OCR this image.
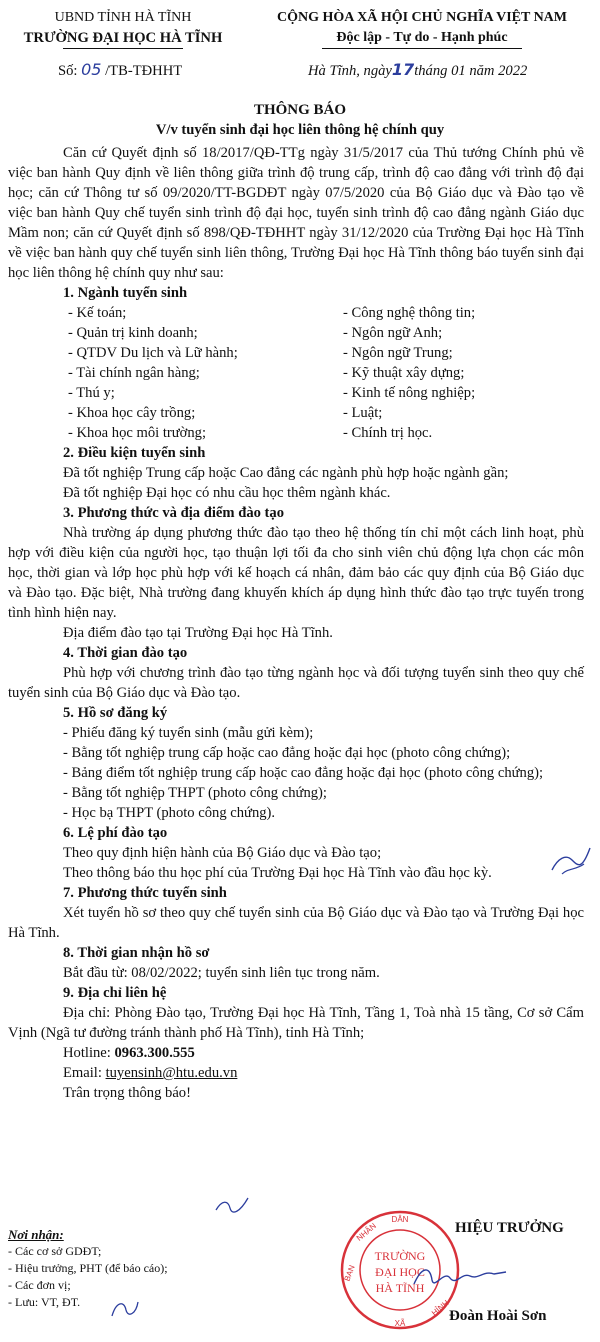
UBND TỈNH HÀ TĨNH
TRƯỜNG ĐẠI HỌC HÀ TĨNH
CỘNG HÒA XÃ HỘI CHỦ NGHĨA VIỆT NAM
Độc lập - Tự do - Hạnh phúc
Số: 05 /TB-TĐHHT	Hà Tĩnh, ngày17tháng 01 năm 2022
THÔNG BÁO
V/v tuyển sinh đại học liên thông hệ chính quy
Căn cứ Quyết định số 18/2017/QĐ-TTg ngày 31/5/2017 của Thủ tướng Chính phủ về việc ban hành Quy định về liên thông giữa trình độ trung cấp, trình độ cao đẳng với trình độ đại học; căn cứ Thông tư số 09/2020/TT-BGDĐT ngày 07/5/2020 của Bộ Giáo dục và Đào tạo về việc ban hành Quy chế tuyển sinh trình độ đại học, tuyển sinh trình độ cao đẳng ngành Giáo dục Mầm non; căn cứ Quyết định số 898/QĐ-TĐHHT ngày 31/12/2020 của Trường Đại học Hà Tĩnh về việc ban hành quy chế tuyển sinh liên thông, Trường Đại học Hà Tĩnh thông báo tuyển sinh đại học liên thông hệ chính quy như sau:
1. Ngành tuyển sinh
- Kế toán;
- Quản trị kinh doanh;
- QTDV Du lịch và Lữ hành;
- Tài chính ngân hàng;
- Thú y;
- Khoa học cây trồng;
- Khoa học môi trường;
- Công nghệ thông tin;
- Ngôn ngữ Anh;
- Ngôn ngữ Trung;
- Kỹ thuật xây dựng;
- Kinh tế nông nghiệp;
- Luật;
- Chính trị học.
2. Điều kiện tuyển sinh
Đã tốt nghiệp Trung cấp hoặc Cao đẳng các ngành phù hợp hoặc ngành gần;
Đã tốt nghiệp Đại học có nhu cầu học thêm ngành khác.
3. Phương thức và địa điểm đào tạo
Nhà trường áp dụng phương thức đào tạo theo hệ thống tín chỉ một cách linh hoạt, phù hợp với điều kiện của người học, tạo thuận lợi tối đa cho sinh viên chủ động lựa chọn các môn học, thời gian và lớp học phù hợp với kế hoạch cá nhân, đảm bảo các quy định của Bộ Giáo dục và Đào tạo. Đặc biệt, Nhà trường đang khuyến khích áp dụng hình thức đào tạo trực tuyến trong tình hình hiện nay.
Địa điểm đào tạo tại Trường Đại học Hà Tĩnh.
4. Thời gian đào tạo
Phù hợp với chương trình đào tạo từng ngành học và đối tượng tuyển sinh theo quy chế tuyển sinh của Bộ Giáo dục và Đào tạo.
5. Hồ sơ đăng ký
- Phiếu đăng ký tuyển sinh (mẫu gửi kèm);
- Bằng tốt nghiệp trung cấp hoặc cao đẳng hoặc đại học (photo công chứng);
- Bảng điểm tốt nghiệp trung cấp hoặc cao đẳng hoặc đại học (photo công chứng);
- Bằng tốt nghiệp THPT (photo công chứng);
- Học bạ THPT (photo công chứng).
6. Lệ phí đào tạo
Theo quy định hiện hành của Bộ Giáo dục và Đào tạo;
Theo thông báo thu học phí của Trường Đại học Hà Tĩnh vào đầu học kỳ.
7. Phương thức tuyển sinh
Xét tuyển hồ sơ theo quy chế tuyển sinh của Bộ Giáo dục và Đào tạo và Trường Đại học Hà Tĩnh.
8. Thời gian nhận hồ sơ
Bắt đầu từ: 08/02/2022; tuyển sinh liên tục trong năm.
9. Địa chỉ liên hệ
Địa chỉ: Phòng Đào tạo, Trường Đại học Hà Tĩnh, Tầng 1, Toà nhà 15 tầng, Cơ sở Cẩm Vịnh (Ngã tư đường tránh thành phố Hà Tĩnh), tỉnh Hà Tĩnh;
Hotline: 0963.300.555
Email: tuyensinh@htu.edu.vn
Trân trọng thông báo!
Nơi nhận:
- Các cơ sở GDĐT;
- Hiệu trưởng, PHT (để báo cáo);
- Các đơn vị;
- Lưu: VT, ĐT.
HIỆU TRƯỞNG
DÂN
BAN
NHÂN
XÃ
HỈNH
TRƯỜNG
ĐẠI HỌC
HÀ TĨNH
Đoàn Hoài Sơn
